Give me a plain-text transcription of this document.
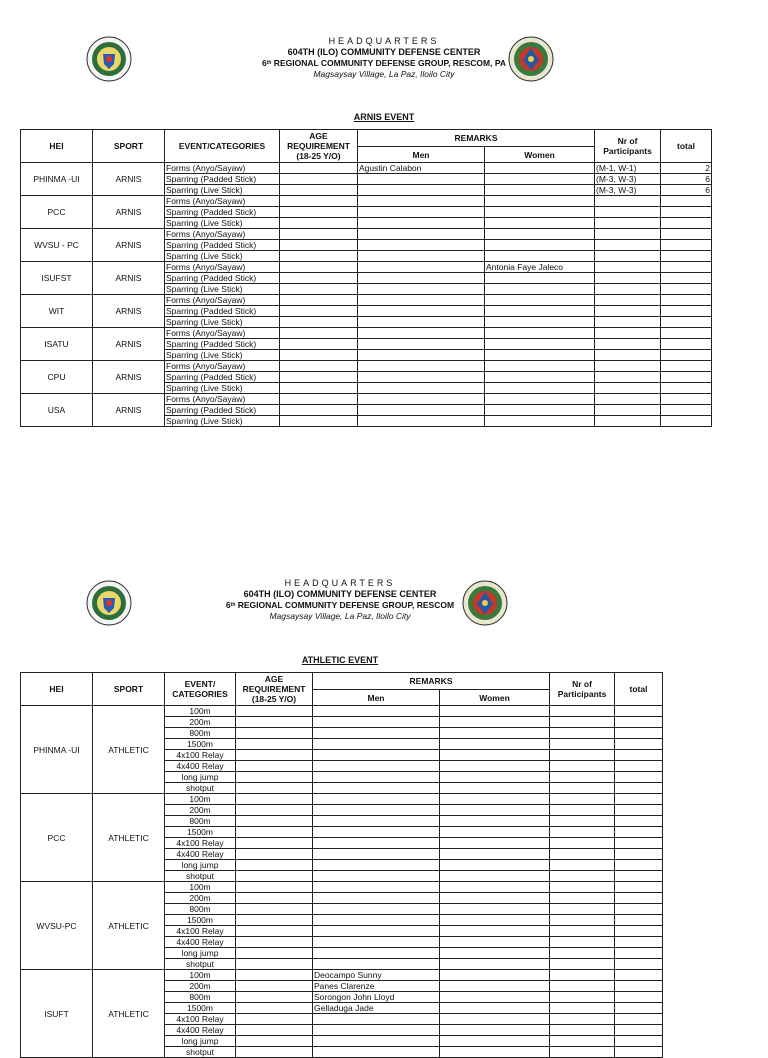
HEADQUARTERS
604TH (ILO) COMMUNITY DEFENSE CENTER
6th REGIONAL COMMUNITY DEFENSE GROUP, RESCOM, PA
Magsaysay Village, La Paz, Iloilo City
ARNIS EVENT
HEI	SPORT	EVENT/CATEGORIES	AGE REQUIREMENT (18-25 Y/O)	REMARKS		Nr of Participants	total
				Men	Women		
PHINMA -UI	ARNIS	Forms (Anyo/Sayaw)		Agustin Calabon		(M-1, W-1)	2
		Sparring (Padded Stick)				(M-3, W-3)	6
		Sparring (Live Stick)				(M-3, W-3)	6
PCC	ARNIS	Forms (Anyo/Sayaw)					
		Sparring (Padded Stick)					
		Sparring (Live Stick)					
WVSU - PC	ARNIS	Forms (Anyo/Sayaw)					
		Sparring (Padded Stick)					
		Sparring (Live Stick)					
ISUFST	ARNIS	Forms (Anyo/Sayaw)			Antonia Faye Jaleco		
		Sparring (Padded Stick)					
		Sparring (Live Stick)					
WIT	ARNIS	Forms (Anyo/Sayaw)					
		Sparring (Padded Stick)					
		Sparring (Live Stick)					
ISATU	ARNIS	Forms (Anyo/Sayaw)					
		Sparring (Padded Stick)					
		Sparring (Live Stick)					
CPU	ARNIS	Forms (Anyo/Sayaw)					
		Sparring (Padded Stick)					
		Sparring (Live Stick)					
USA	ARNIS	Forms (Anyo/Sayaw)					
		Sparring (Padded Stick)					
		Sparring (Live Stick)					
HEADQUARTERS
604TH (ILO) COMMUNITY DEFENSE CENTER
6th REGIONAL COMMUNITY DEFENSE GROUP, RESCOM
Magsaysay Village, La Paz, Iloilo City
ATHLETIC EVENT
HEI	SPORT	EVENT/ CATEGORIES	AGE REQUIREMENT (18-25 Y/O)	REMARKS		Nr of Participants	total
				Men	Women		
PHINMA -UI	ATHLETIC	100m					
		200m					
		800m					
		1500m					
		4x100 Relay					
		4x400 Relay					
		long jump					
		shotput					
PCC	ATHLETIC	100m					
		200m					
		800m					
		1500m					
		4x100 Relay					
		4x400 Relay					
		long jump					
		shotput					
WVSU-PC	ATHLETIC	100m					
		200m					
		800m					
		1500m					
		4x100 Relay					
		4x400 Relay					
		long jump					
		shotput					
ISUFT	ATHLETIC	100m		Deocampo Sunny			
		200m		Panes Clarenze			
		800m		Sorongon John Lloyd			
		1500m		Gelladuga Jade			
		4x100 Relay					
		4x400 Relay					
		long jump					
		shotput					
